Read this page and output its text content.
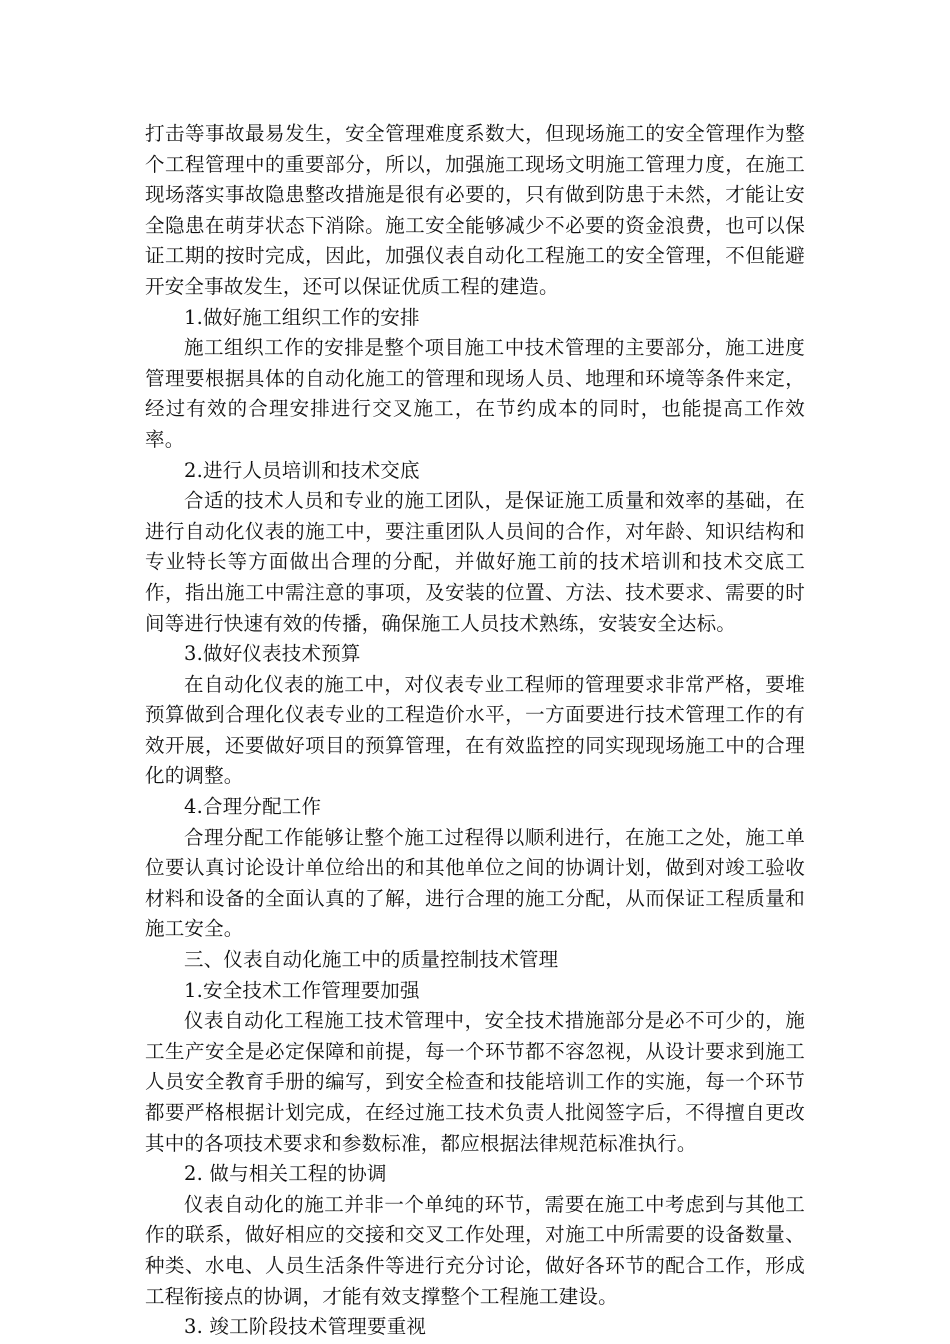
打击等事故最易发生，安全管理难度系数大，但现场施工的安全管理作为整个工程管理中的重要部分，所以，加强施工现场文明施工管理力度，在施工现场落实事故隐患整改措施是很有必要的，只有做到防患于未然，才能让安全隐患在萌芽状态下消除。施工安全能够减少不必要的资金浪费，也可以保证工期的按时完成，因此，加强仪表自动化工程施工的安全管理，不但能避开安全事故发生，还可以保证优质工程的建造。

1.做好施工组织工作的安排

施工组织工作的安排是整个项目施工中技术管理的主要部分，施工进度管理要根据具体的自动化施工的管理和现场人员、地理和环境等条件来定，经过有效的合理安排进行交叉施工，在节约成本的同时，也能提高工作效率。

2.进行人员培训和技术交底

合适的技术人员和专业的施工团队，是保证施工质量和效率的基础，在进行自动化仪表的施工中，要注重团队人员间的合作，对年龄、知识结构和专业特长等方面做出合理的分配，并做好施工前的技术培训和技术交底工作，指出施工中需注意的事项，及安装的位置、方法、技术要求、需要的时间等进行快速有效的传播，确保施工人员技术熟练，安装安全达标。

3.做好仪表技术预算

在自动化仪表的施工中，对仪表专业工程师的管理要求非常严格，要堆预算做到合理化仪表专业的工程造价水平，一方面要进行技术管理工作的有效开展，还要做好项目的预算管理，在有效监控的同实现现场施工中的合理化的调整。

4.合理分配工作

合理分配工作能够让整个施工过程得以顺利进行，在施工之处，施工单位要认真讨论设计单位给出的和其他单位之间的协调计划，做到对竣工验收材料和设备的全面认真的了解，进行合理的施工分配，从而保证工程质量和施工安全。

三、仪表自动化施工中的质量控制技术管理

1.安全技术工作管理要加强

仪表自动化工程施工技术管理中，安全技术措施部分是必不可少的，施工生产安全是必定保障和前提，每一个环节都不容忽视，从设计要求到施工人员安全教育手册的编写，到安全检查和技能培训工作的实施，每一个环节都要严格根据计划完成，在经过施工技术负责人批阅签字后，不得擅自更改其中的各项技术要求和参数标准，都应根据法律规范标准执行。

2. 做与相关工程的协调

仪表自动化的施工并非一个单纯的环节，需要在施工中考虑到与其他工作的联系，做好相应的交接和交叉工作处理，对施工中所需要的设备数量、种类、水电、人员生活条件等进行充分讨论，做好各环节的配合工作，形成工程衔接点的协调，才能有效支撑整个工程施工建设。

3. 竣工阶段技术管理要重视
